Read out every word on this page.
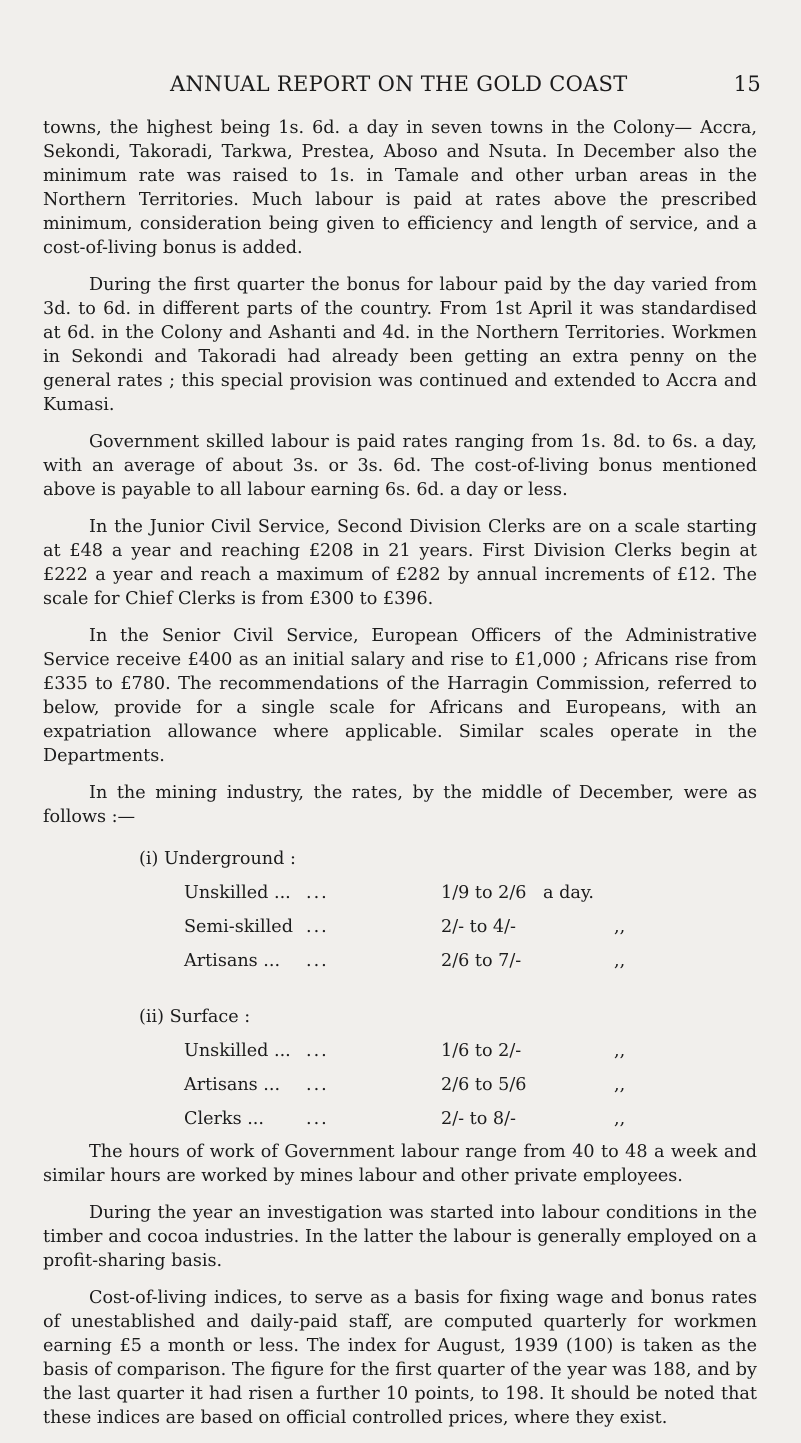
ANNUAL REPORT ON THE GOLD COAST	15

towns, the highest being 1s. 6d. a day in seven towns in the Colony— Accra, Sekondi, Takoradi, Tarkwa, Prestea, Aboso and Nsuta. In December also the minimum rate was raised to 1s. in Tamale and other urban areas in the Northern Territories. Much labour is paid at rates above the prescribed minimum, consideration being given to efficiency and length of service, and a cost-of-living bonus is added.

During the first quarter the bonus for labour paid by the day varied from 3d. to 6d. in different parts of the country. From 1st April it was standardised at 6d. in the Colony and Ashanti and 4d. in the Northern Territories. Workmen in Sekondi and Takoradi had already been getting an extra penny on the general rates ; this special provision was continued and extended to Accra and Kumasi.

Government skilled labour is paid rates ranging from 1s. 8d. to 6s. a day, with an average of about 3s. or 3s. 6d. The cost-of-living bonus mentioned above is payable to all labour earning 6s. 6d. a day or less.

In the Junior Civil Service, Second Division Clerks are on a scale starting at £48 a year and reaching £208 in 21 years. First Division Clerks begin at £222 a year and reach a maximum of £282 by annual increments of £12. The scale for Chief Clerks is from £300 to £396.

In the Senior Civil Service, European Officers of the Administrative Service receive £400 as an initial salary and rise to £1,000 ; Africans rise from £335 to £780. The recommendations of the Harragin Commission, referred to below, provide for a single scale for Africans and Europeans, with an expatriation allowance where applicable. Similar scales operate in the Departments.

In the mining industry, the rates, by the middle of December, were as follows :—

(i) Underground :
Unskilled ... ...	1/9 to 2/6 a day.
Semi-skilled ...	2/- to 4/-	,,
Artisans ... ...	2/6 to 7/-	,,
(ii) Surface :
Unskilled ... ...	1/6 to 2/-	,,
Artisans ... ...	2/6 to 5/6	,,
Clerks ... ...	2/- to 8/-	,,

The hours of work of Government labour range from 40 to 48 a week and similar hours are worked by mines labour and other private employees.

During the year an investigation was started into labour conditions in the timber and cocoa industries. In the latter the labour is generally employed on a profit-sharing basis.

Cost-of-living indices, to serve as a basis for fixing wage and bonus rates of unestablished and daily-paid staff, are computed quarterly for workmen earning £5 a month or less. The index for August, 1939 (100) is taken as the basis of comparison. The figure for the first quarter of the year was 188, and by the last quarter it had risen a further 10 points, to 198. It should be noted that these indices are based on official controlled prices, where they exist.
